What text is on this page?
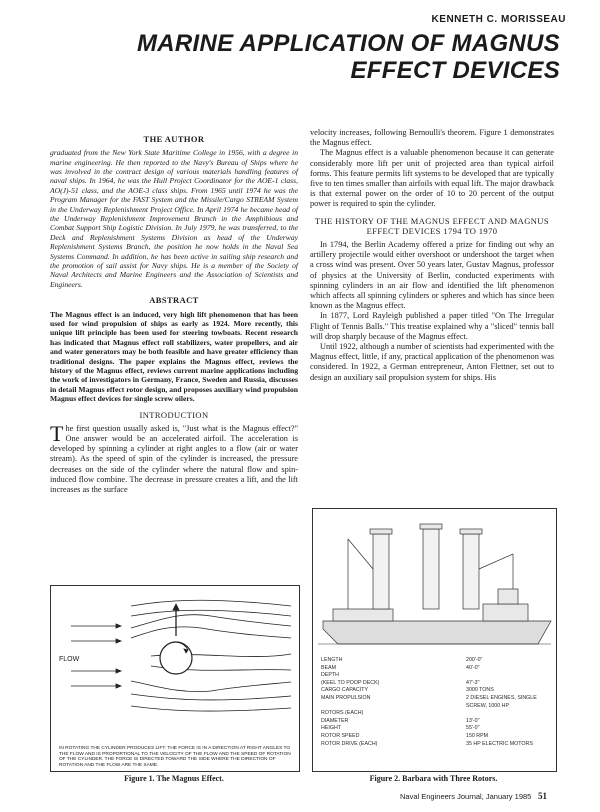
KENNETH C. MORISSEAU
MARINE APPLICATION OF MAGNUS
EFFECT DEVICES
THE AUTHOR

graduated from the New York State Maritime College in 1956, with a degree in marine engineering. He then reported to the Navy's Bureau of Ships where he was involved in the contract design of various materials handling features of naval ships. In 1964, he was the Hull Project Coordinator for the AOE-1 class, AO(J)-51 class, and the AOE-3 class ships. From 1965 until 1974 he was the Program Manager for the FAST System and the Missile/Cargo STREAM System in the Underway Replenishment Project Office. In April 1974 he became head of the Underway Replenishment Improvement Branch in the Amphibious and Combat Support Ship Logistic Division. In July 1979, he was transferred, to the Deck and Replenishment Systems Division as head of the Underway Replenishment Systems Branch, the position he now holds in the Naval Sea Systems Command. In addition, he has been active in sailing ship research and the promotion of sail assist for Navy ships. He is a member of the Society of Naval Architects and Marine Engineers and the Association of Scientists and Engineers.

ABSTRACT

The Magnus effect is an induced, very high lift phenomenon that has been used for wind propulsion of ships as early as 1924. More recently, this unique lift principle has been used for steering towboats. Recent research has indicated that Magnus effect roll stabilizers, water propellers, and air and water generators may be both feasible and have greater efficiency than traditional designs. The paper explains the Magnus effect, reviews the history of the Magnus effect, reviews current marine applications including the work of investigators in Germany, France, Sweden and Russia, discusses in detail Magnus effect rotor design, and proposes auxiliary wind propulsion Magnus effect devices for single screw oilers.

INTRODUCTION

The first question usually asked is, "Just what is the Magnus effect?" One answer would be an accelerated airfoil. The acceleration is developed by spinning a cylinder at right angles to a flow (air or water stream). As the speed of spin of the cylinder is increased, the pressure decreases on the side of the cylinder where the natural flow and spin-induced flow combine. The decrease in pressure creates a lift, and the lift increases as the surface

FLOW
IN ROTATING THE CYLINDER PRODUCES LIFT. THE FORCE IS IN A DIRECTION AT RIGHT ANGLES TO THE FLOW AND IS PROPORTIONAL TO THE VELOCITY OF THE FLOW AND THE SPEED OF ROTATION OF THE CYLINDER. THE FORCE IS DIRECTED TOWARD THE SIDE WHERE THE DIRECTION OF ROTATION AND THE FLOW ARE THE SAME.
Figure 1. The Magnus Effect.

velocity increases, following Bernoulli's theorem. Figure 1 demonstrates the Magnus effect.

The Magnus effect is a valuable phenomenon because it can generate considerably more lift per unit of projected area than typical airfoil forms. This feature permits lift systems to be developed that are typically five to ten times smaller than airfoils with equal lift. The major drawback is that external power on the order of 10 to 20 percent of the output power is required to spin the cylinder.

THE HISTORY OF THE MAGNUS EFFECT AND MAGNUS EFFECT DEVICES 1794 TO 1970

In 1794, the Berlin Academy offered a prize for finding out why an artillery projectile would either overshoot or undershoot the target when a cross wind was present. Over 50 years later, Gustav Magnus, professor of physics at the University of Berlin, conducted experiments with spinning cylinders in an air flow and identified the lift phenomenon which affects all spinning cylinders or spheres and which has since been known as the Magnus effect.

In 1877, Lord Rayleigh published a paper titled "On The Irregular Flight of Tennis Balls." This treatise explained why a "sliced" tennis ball will drop sharply because of the Magnus effect.

Until 1922, although a number of scientists had experimented with the Magnus effect, little, if any, practical application of the phenomenon was considered. In 1922, a German entrepreneur, Anton Flettner, set out to design an auxiliary sail propulsion system for ships. His

LENGTH	200'-0"
BEAM	40'-0"
DEPTH
(KEEL TO POOP DECK)	47'-3"
CARGO CAPACITY	3000 TONS
MAIN PROPULSION	2 DIESEL ENGINES, SINGLE SCREW, 1000 HP
ROTORS (EACH)
DIAMETER	13'-0"
HEIGHT	55'-0"
ROTOR SPEED	150 RPM
ROTOR DRIVE (EACH)	35 HP ELECTRIC MOTORS
Figure 2. Barbara with Three Rotors.
Naval Engineers Journal, January 1985 51
